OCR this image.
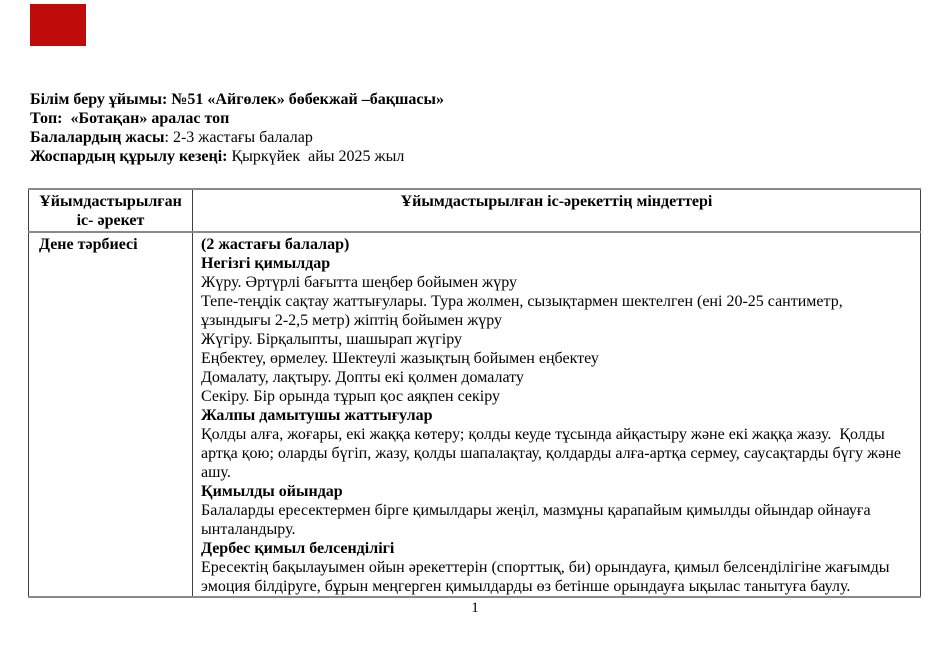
Білім беру ұйымы: №51 «Айгөлек» бөбекжай –бақшасы»
Топ:  «Ботақан» аралас топ
Балалардың жасы: 2-3 жастағы балалар
Жоспардың құрылу кезеңі: Қыркүйек  айы 2025 жыл
Ұйымдастырылған іс- әрекет	Ұйымдастырылған іс-әрекеттің міндеттері
Дене тәрбиесі	(2 жастағы балалар)

Негізгі қимылдар

Жүру. Әртүрлі бағытта шеңбер бойымен жүру

Тепе-теңдік сақтау жаттығулары. Тура жолмен, сызықтармен шектелген (ені 20-25 сантиметр, ұзындығы 2-2,5 метр) жіптің бойымен жүру

Жүгіру. Бірқалыпты, шашырап жүгіру

Еңбектеу, өрмелеу. Шектеулі жазықтың бойымен еңбектеу

Домалату, лақтыру. Допты екі қолмен домалату

Секіру. Бір орында тұрып қос аяқпен секіру

Жалпы дамытушы жаттығулар

Қолды алға, жоғары, екі жаққа көтеру; қолды кеуде тұсында айқастыру және екі жаққа жазу.  Қолды артқа қою; оларды бүгіп, жазу, қолды шапалақтау, қолдарды алға-артқа сермеу, саусақтарды бүгу және ашу.

Қимылды ойындар

Балаларды ересектермен бірге қимылдары жеңіл, мазмұны қарапайым қимылды ойындар ойнауға ынталандыру.

Дербес қимыл белсенділігі

Ересектің бақылауымен ойын әрекеттерін (спорттық, би) орындауға, қимыл белсенділігіне жағымды эмоция білдіруге, бұрын меңгерген қимылдарды өз бетінше орындауға ықылас танытуға баулу.

1
